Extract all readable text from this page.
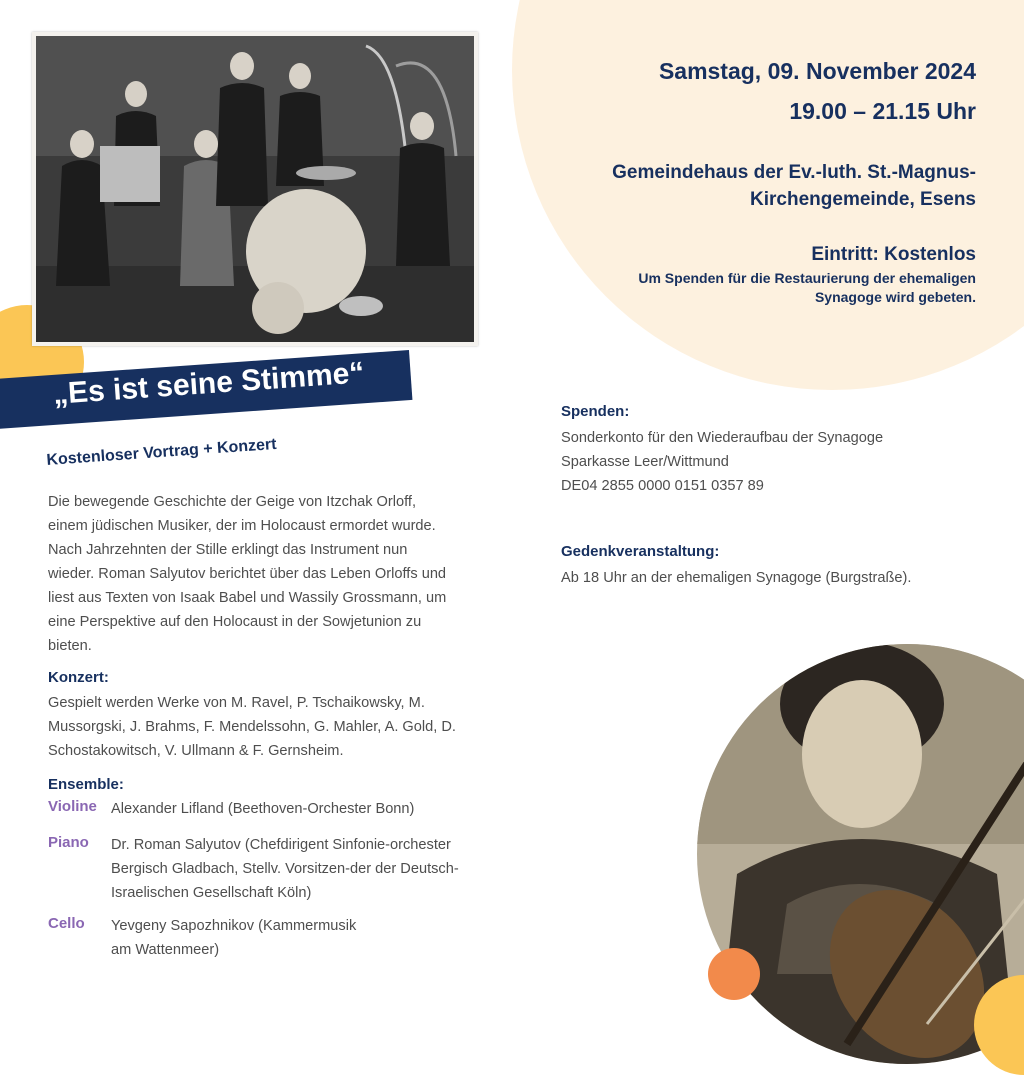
Samstag, 09. November 2024
19.00 – 21.15 Uhr
Gemeindehaus der Ev.-luth. St.-Magnus-Kirchengemeinde, Esens
Eintritt: Kostenlos
Um Spenden für die Restaurierung der ehemaligen Synagoge wird gebeten.
„Es ist seine Stimme“
Kostenloser Vortrag + Konzert
Die bewegende Geschichte der Geige von Itzchak Orloff, einem jüdischen Musiker, der im Holocaust ermordet wurde. Nach Jahrzehnten der Stille erklingt das Instrument nun wieder. Roman Salyutov berichtet über das Leben Orloffs und liest aus Texten von Isaak Babel und Wassily Grossmann, um eine Perspektive auf den Holocaust in der Sowjetunion zu bieten.
Konzert:
Gespielt werden Werke von M. Ravel, P. Tschaikowsky, M. Mussorgski, J. Brahms, F. Mendelssohn, G. Mahler, A. Gold, D. Schostakowitsch, V. Ullmann & F. Gernsheim.
Ensemble:
Violine Alexander Lifland (Beethoven-Orchester Bonn)
Piano Dr. Roman Salyutov (Chefdirigent Sinfonie-orchester Bergisch Gladbach, Stellv. Vorsitzen-der der Deutsch-Israelischen Gesellschaft Köln)
Cello Yevgeny Sapozhnikov (Kammermusik am Wattenmeer)
Spenden:
Sonderkonto für den Wiederaufbau der Synagoge
Sparkasse Leer/Wittmund
DE04 2855 0000 0151 0357 89
Gedenkveranstaltung:
Ab 18 Uhr an der ehemaligen Synagoge (Burgstraße).
